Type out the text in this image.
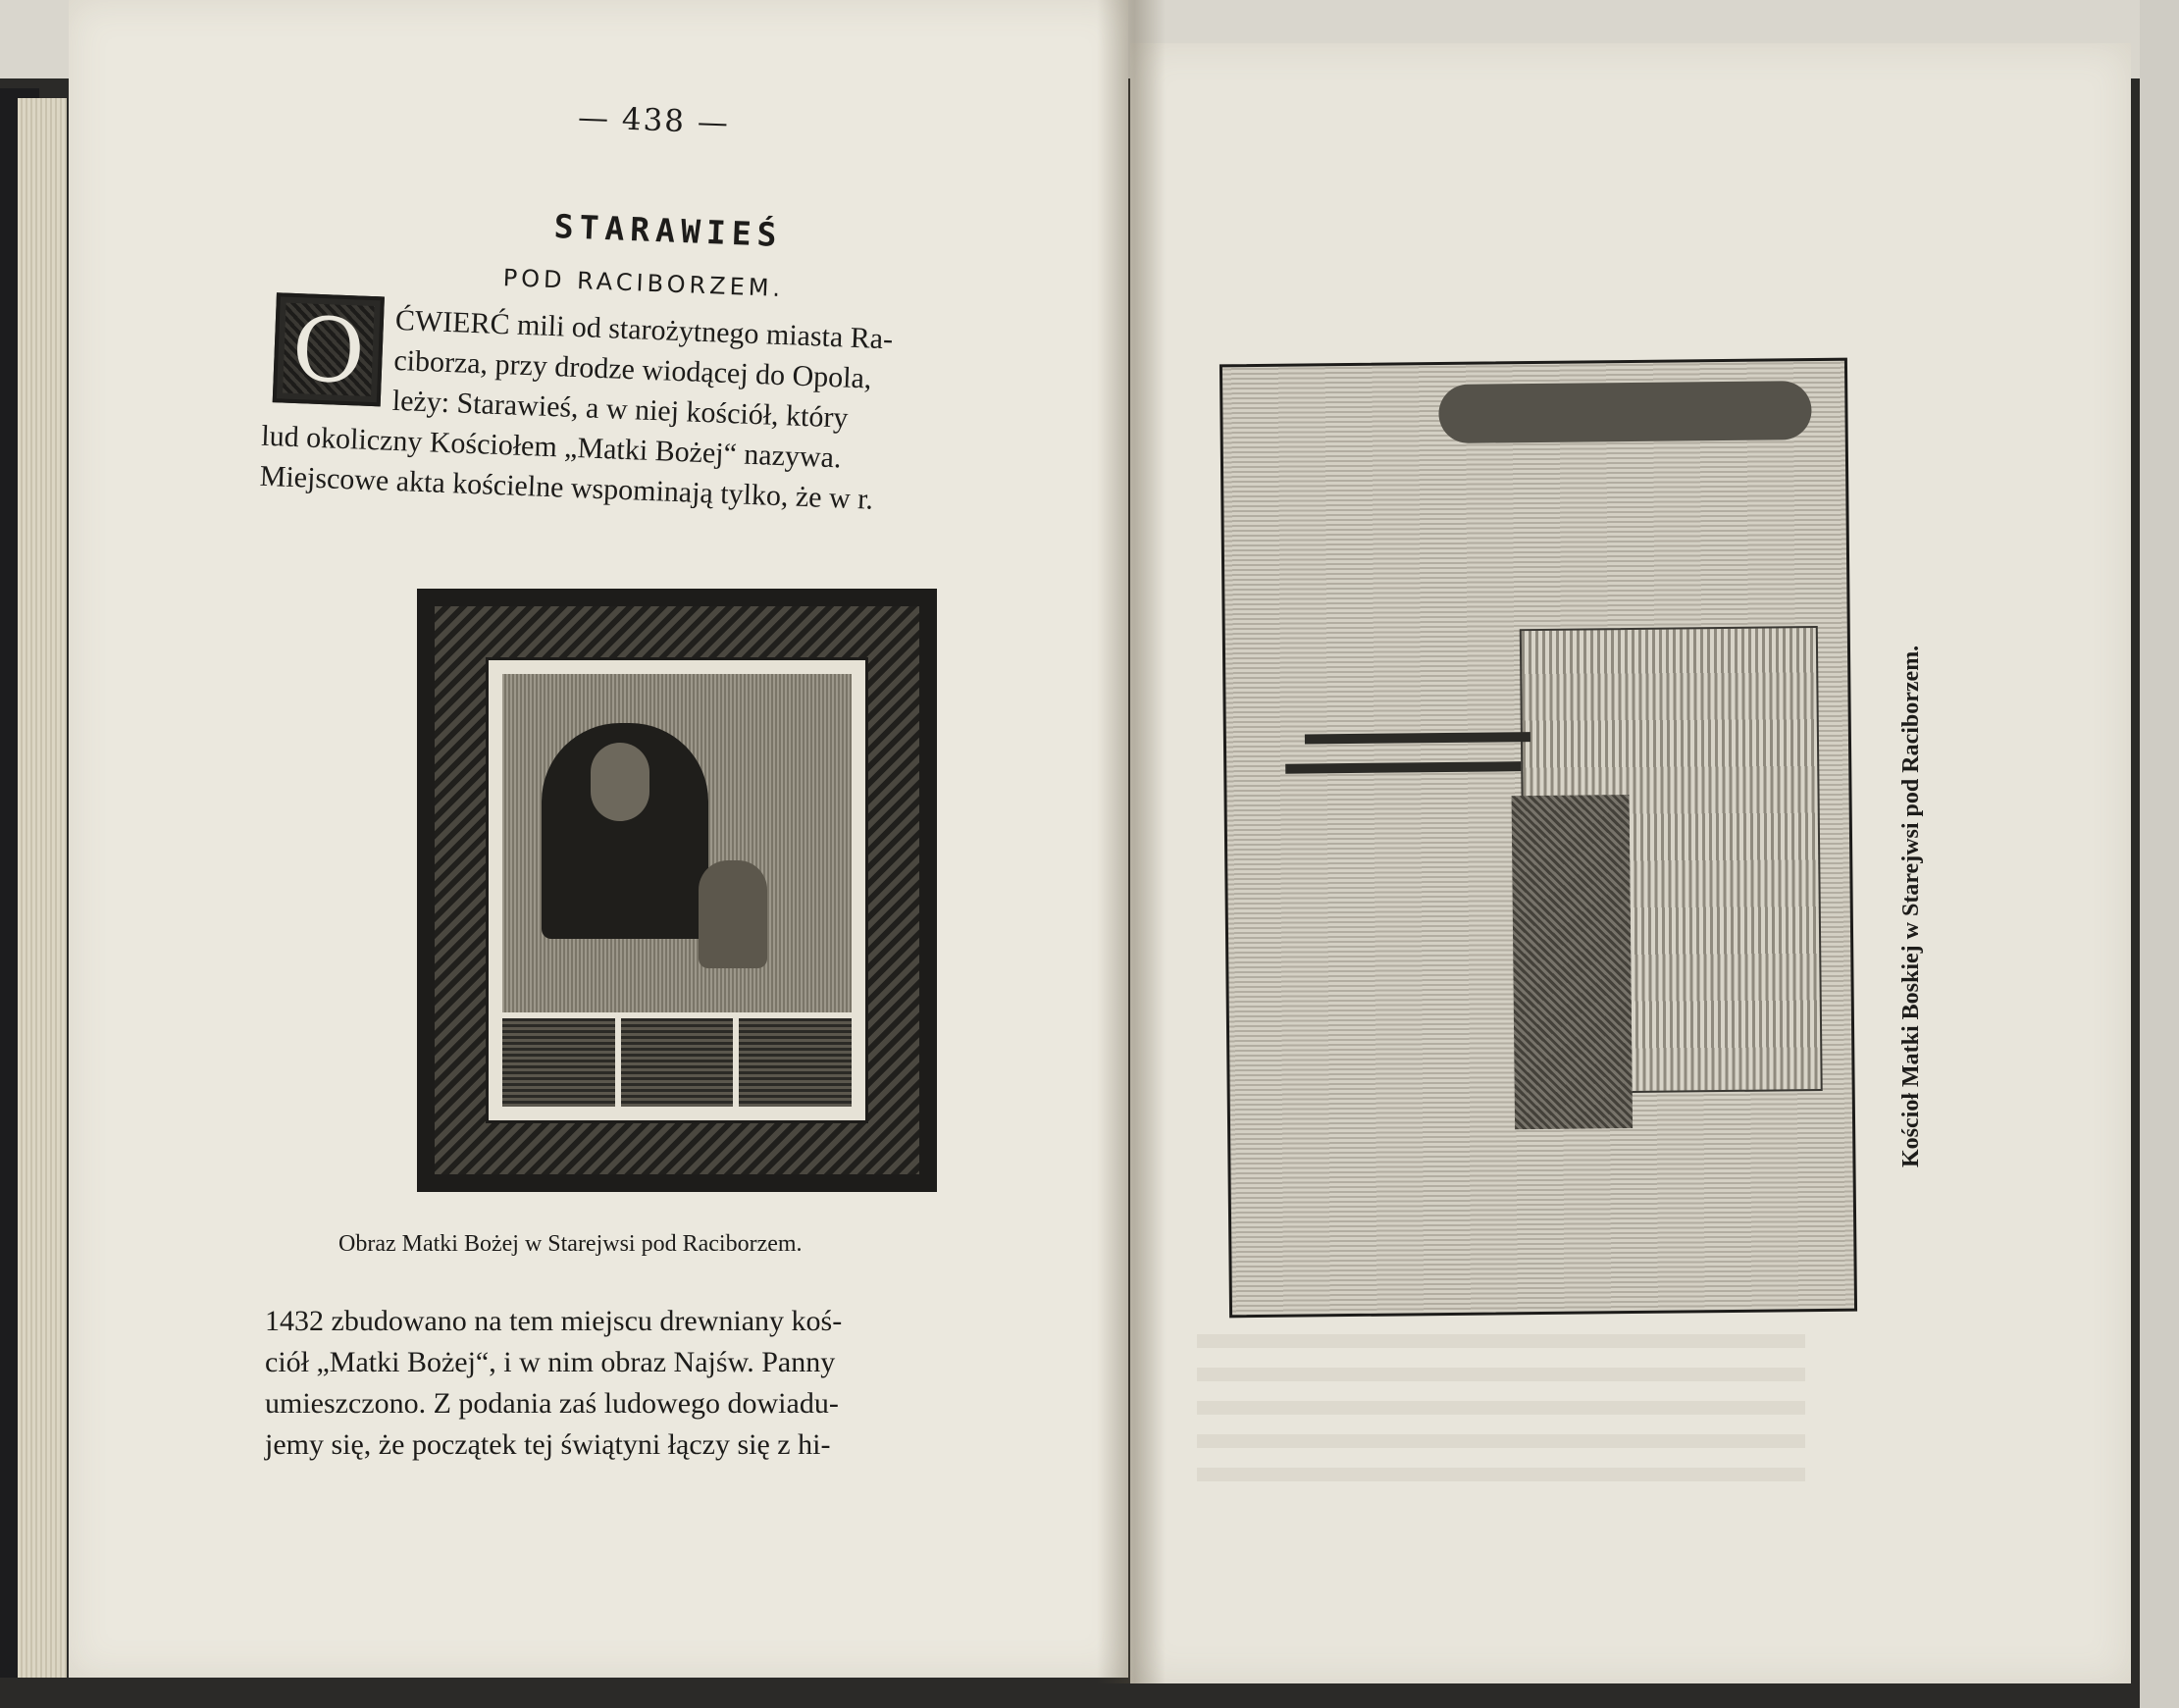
— 438 —
STARAWIEŚ
POD RACIBORZEM.
O ĆWIERĆ mili od starożytnego miasta Ra-
ciborza, przy drodze wiodącej do Opola,
leży: Starawieś, a w niej kościół, który
lud okoliczny Kościołem „Matki Bożej“ nazywa.
Miejscowe akta kościelne wspominają tylko, że w r.
Obraz Matki Bożej w Starejwsi pod Raciborzem.
1432 zbudowano na tem miejscu drewniany koś-
ciół „Matki Bożej“, i w nim obraz Najśw. Panny
umieszczono. Z podania zaś ludowego dowiadu-
jemy się, że początek tej świątyni łączy się z hi-
Kościoł Matki Boskiej w Starejwsi pod Raciborzem.
